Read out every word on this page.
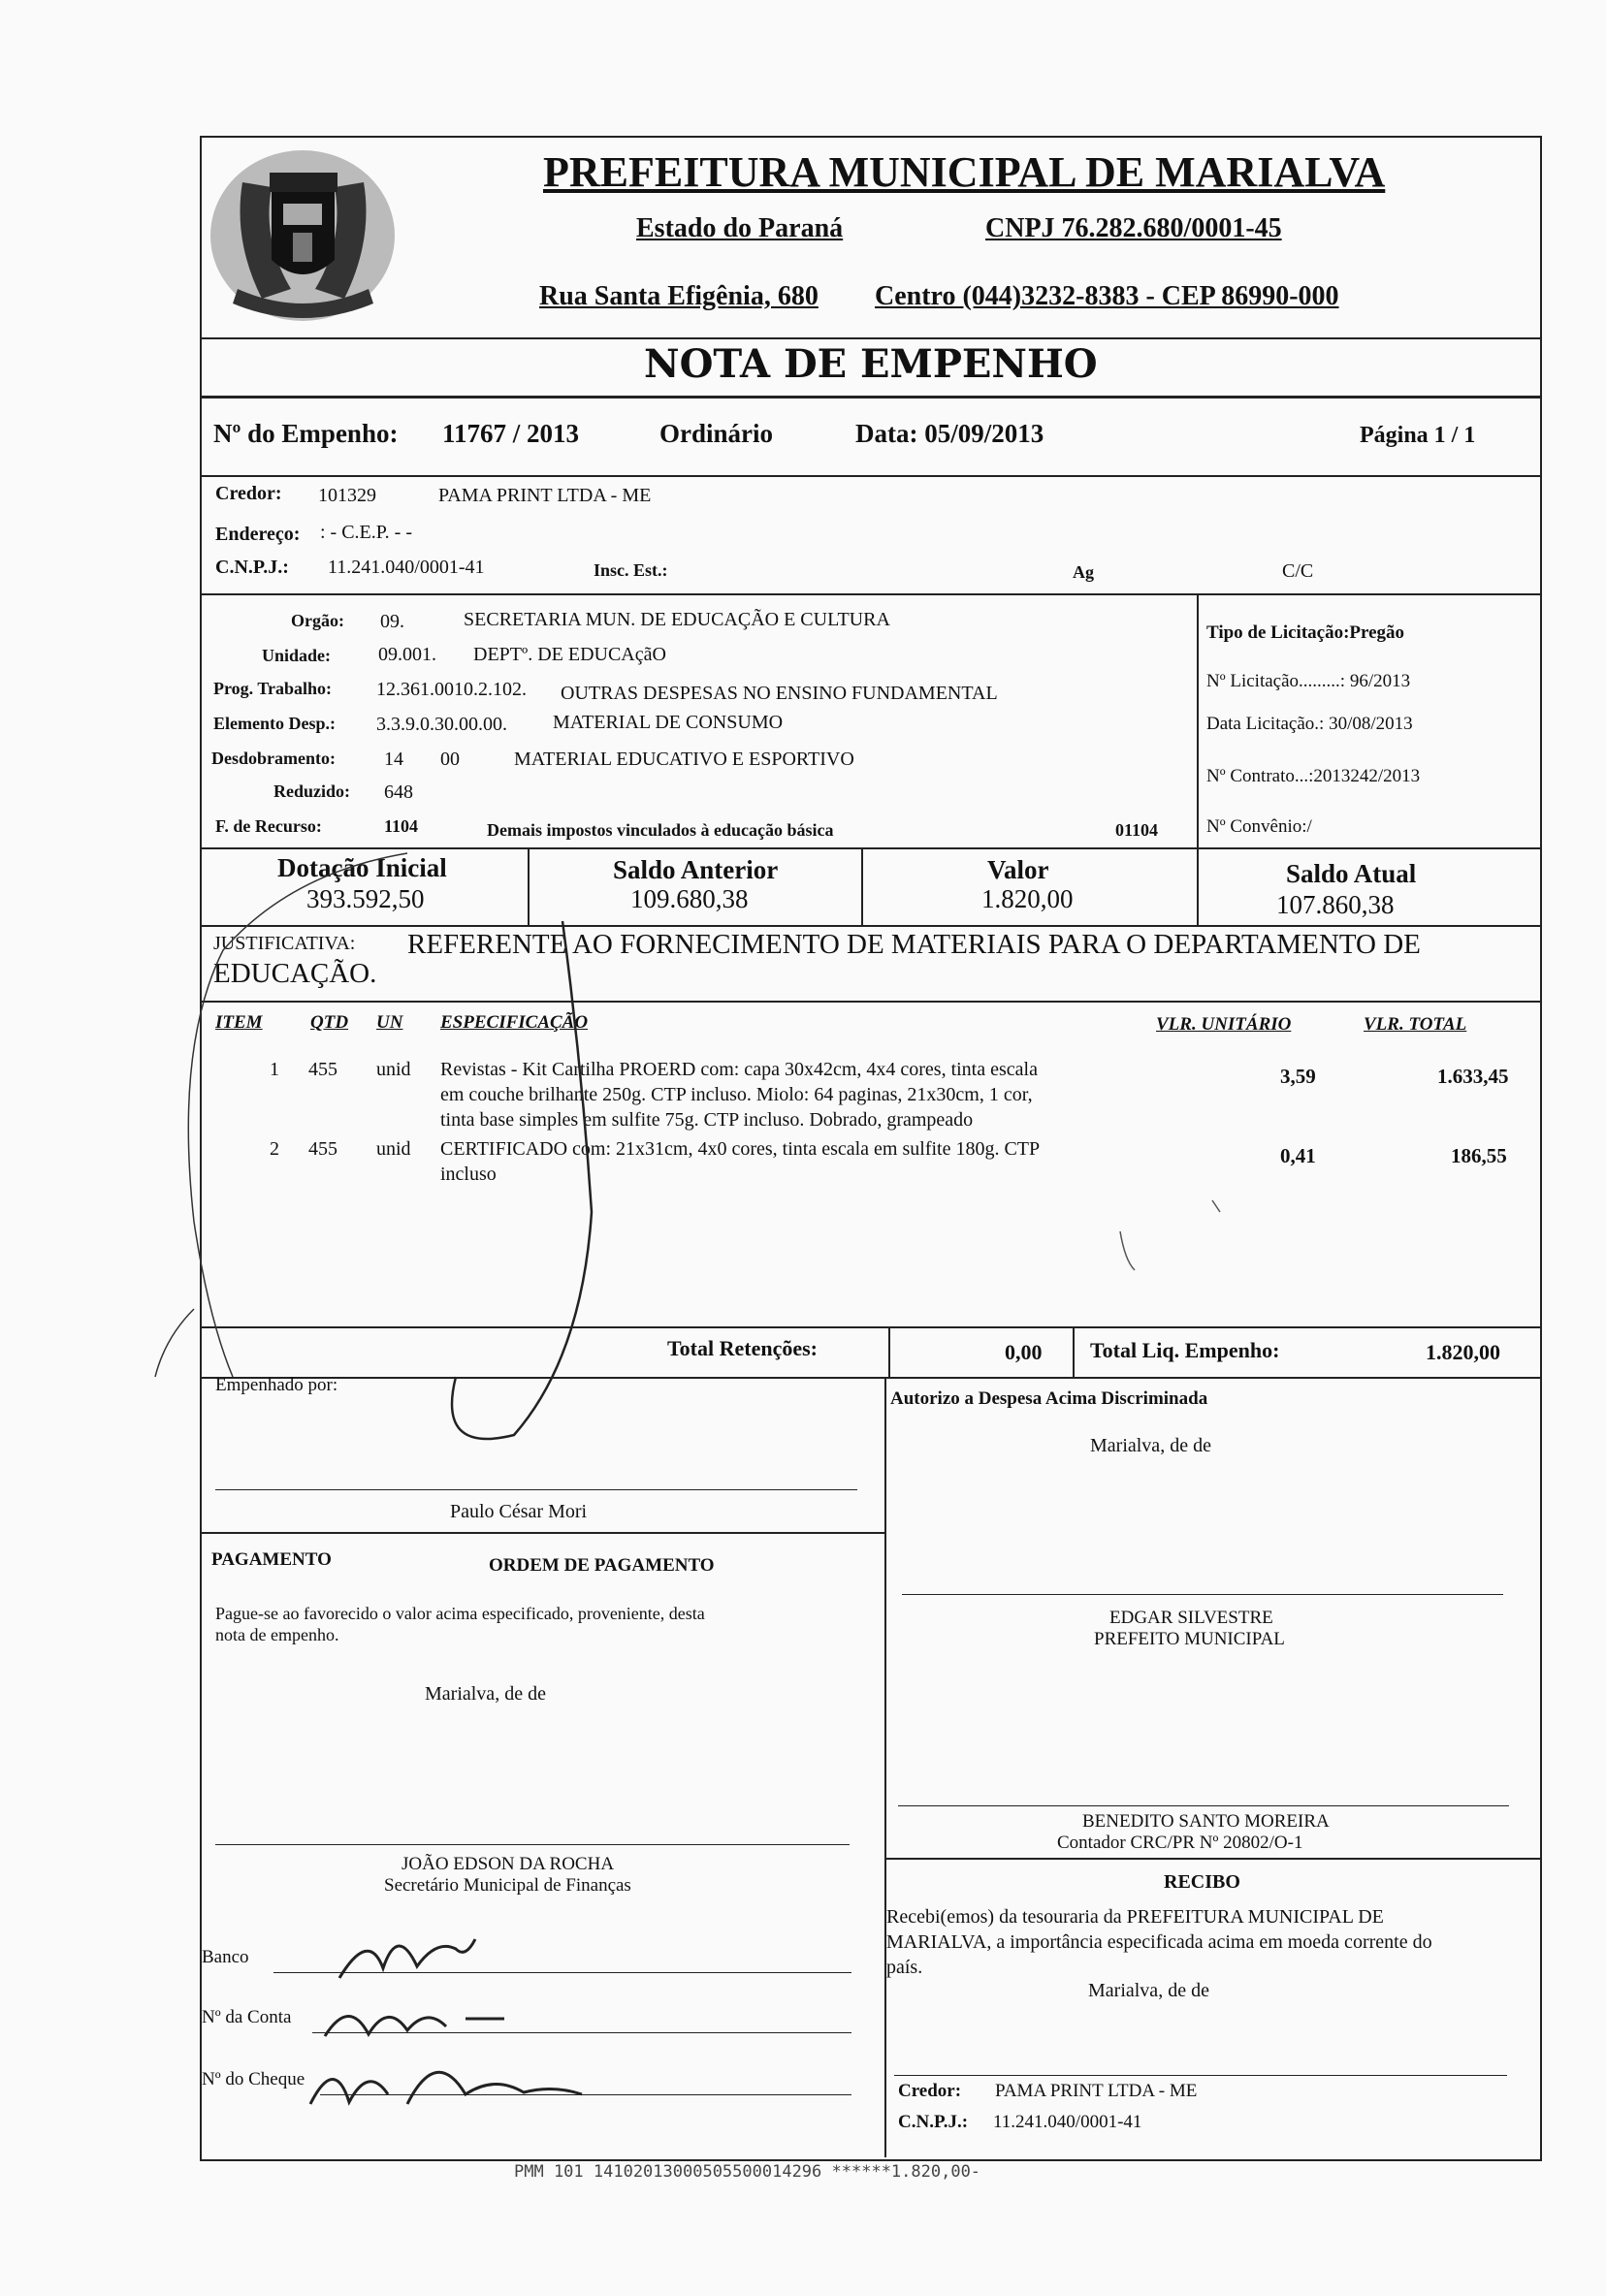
PREFEITURA MUNICIPAL DE MARIALVA
Estado do Paraná	CNPJ 76.282.680/0001-45
Rua Santa Efigênia, 680 Centro (044)3232-8383 - CEP 86990-000
NOTA DE EMPENHO
Nº do Empenho: 11767 / 2013	Ordinário	Data: 05/09/2013	Página 1 / 1
Credor: 101329	PAMA PRINT LTDA - ME
Endereço: : - C.E.P. - -
C.N.P.J.: 11.241.040/0001-41	Insc. Est.:	Ag	C/C
Orgão: 09.	SECRETARIA MUN. DE EDUCAÇÃO E CULTURA
Unidade: 09.001. DEPTº. DE EDUCAçãO
Prog. Trabalho: 12.361.0010.2.102. OUTRAS DESPESAS NO ENSINO FUNDAMENTAL
Elemento Desp.: 3.3.9.0.30.00.00. MATERIAL DE CONSUMO
Desdobramento:	14 00	MATERIAL EDUCATIVO E ESPORTIVO
Reduzido: 648
F. de Recurso:	1104	Demais impostos vinculados à educação básica	01104
Tipo de Licitação:Pregão
Nº Licitação.........: 96/2013
Data Licitação.: 30/08/2013
Nº Contrato...:2013242/2013
Nº Convênio:/
Dotação Inicial
393.592,50
Saldo Anterior
109.680,38
Valor
1.820,00
Saldo Atual
107.860,38
JUSTIFICATIVA: REFERENTE AO FORNECIMENTO DE MATERIAIS PARA O DEPARTAMENTO DE
EDUCAÇÃO.
ITEM	QTD UN ESPECIFICAÇÃO	VLR. UNITÁRIO	VLR. TOTAL
1 455 unid Revistas - Kit Cartilha PROERD com: capa 30x42cm, 4x4 cores, tinta escala
em couche brilhante 250g. CTP incluso. Miolo: 64 paginas, 21x30cm, 1 cor,
tinta base simples em sulfite 75g. CTP incluso. Dobrado, grampeado
3,59	1.633,45
2 455 unid CERTIFICADO com: 21x31cm, 4x0 cores, tinta escala em sulfite 180g. CTP
incluso
0,41	186,55
Total Retenções:	0,00 Total Liq. Empenho:	1.820,00
Empenhado por:
Paulo César Mori
Autorizo a Despesa Acima Discriminada
Marialva, de de
EDGAR SILVESTRE
PREFEITO MUNICIPAL
PAGAMENTO	ORDEM DE PAGAMENTO
Pague-se ao favorecido o valor acima especificado, proveniente, desta
nota de empenho.
Marialva, de de
JOÃO EDSON DA ROCHA
Secretário Municipal de Finanças
BENEDITO SANTO MOREIRA
Contador CRC/PR Nº 20802/O-1
RECIBO
Recebi(emos) da tesouraria da PREFEITURA MUNICIPAL DE
MARIALVA, a importância especificada acima em moeda corrente do
país.
Marialva, de de
Banco
Nº da Conta
Nº do Cheque
Credor: PAMA PRINT LTDA - ME
C.N.P.J.: 11.241.040/0001-41
PMM 101 14102013000505500014296 ******1.820,00-
